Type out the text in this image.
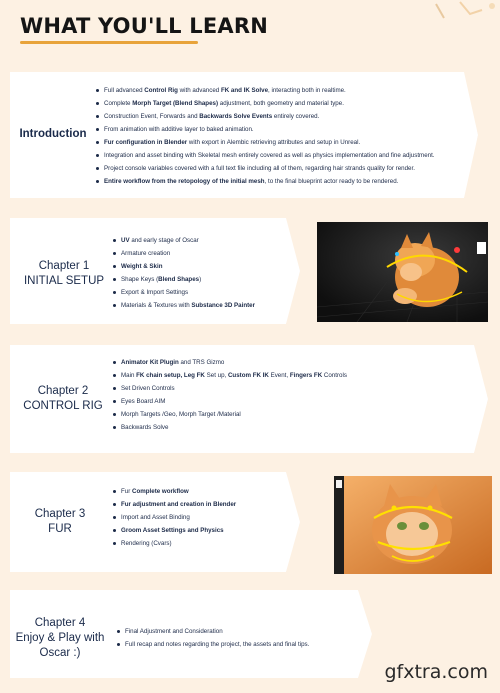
WHAT YOU'LL LEARN
Introduction
Full advanced Control Rig with advanced FK and IK Solve, interacting both in realtime.
Complete Morph Target (Blend Shapes) adjustment, both geometry and material type.
Construction Event, Forwards and Backwards Solve Events entirely covered.
From animation with additive layer to baked animation.
Fur configuration in Blender with export in Alembic retrieving attributes and setup in Unreal.
Integration and asset binding with Skeletal mesh entirely covered as well as physics implementation and fine adjustment.
Project console variables covered with a full text file including all of them, regarding hair strands quality for render.
Entire workflow from the retopology of the initial mesh, to the final blueprint actor ready to be rendered.
Chapter 1
INITIAL SETUP
UV and early stage of Oscar
Armature creation
Weight & Skin
Shape Keys (Blend Shapes)
Export & Import Settings
Materials & Textures with Substance 3D Painter
Chapter 2
CONTROL RIG
Animator Kit Plugin and TRS Gizmo
Main FK chain setup, Leg FK Set up, Custom FK IK Event, Fingers FK Controls
Set Driven Controls
Eyes Board AIM
Morph Targets /Geo, Morph Target /Material
Backwards Solve
Chapter 3
FUR
Fur Complete workflow
Fur adjustment and creation in Blender
Import and Asset Binding
Groom Asset Settings and Physics
Rendering (Cvars)
Chapter 4
Enjoy & Play with
Oscar :)
Final Adjustment and Consideration
Full recap and notes regarding the project, the assets and final tips.
gfxtra.com
